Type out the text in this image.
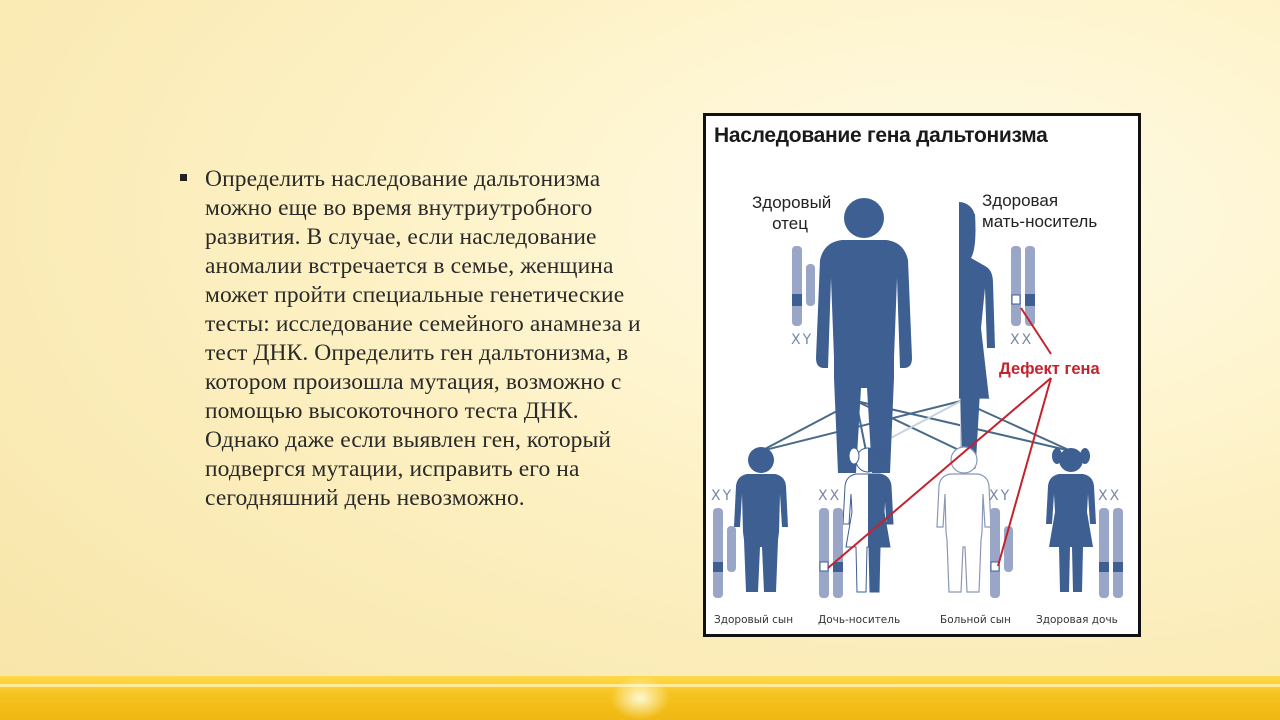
Определить наследование дальтонизма можно еще во время внутриутробного развития. В случае, если наследование аномалии встречается в семье, женщина может пройти специальные генетические тесты: исследование семейного анамнеза и тест ДНК. Определить ген дальтонизма, в котором произошла мутация, возможно с помощью высокоточного теста ДНК. Однако даже если выявлен ген, который подвергся мутации, исправить его на сегодняшний день невозможно.
Наследование гена дальтонизма
Здоровый
отец
Здоровая
мать-носитель
XY	XX
Дефект гена
XY	XX	XY	XX
Здоровый сын Дочь-носитель	Больной сын Здоровая дочь
